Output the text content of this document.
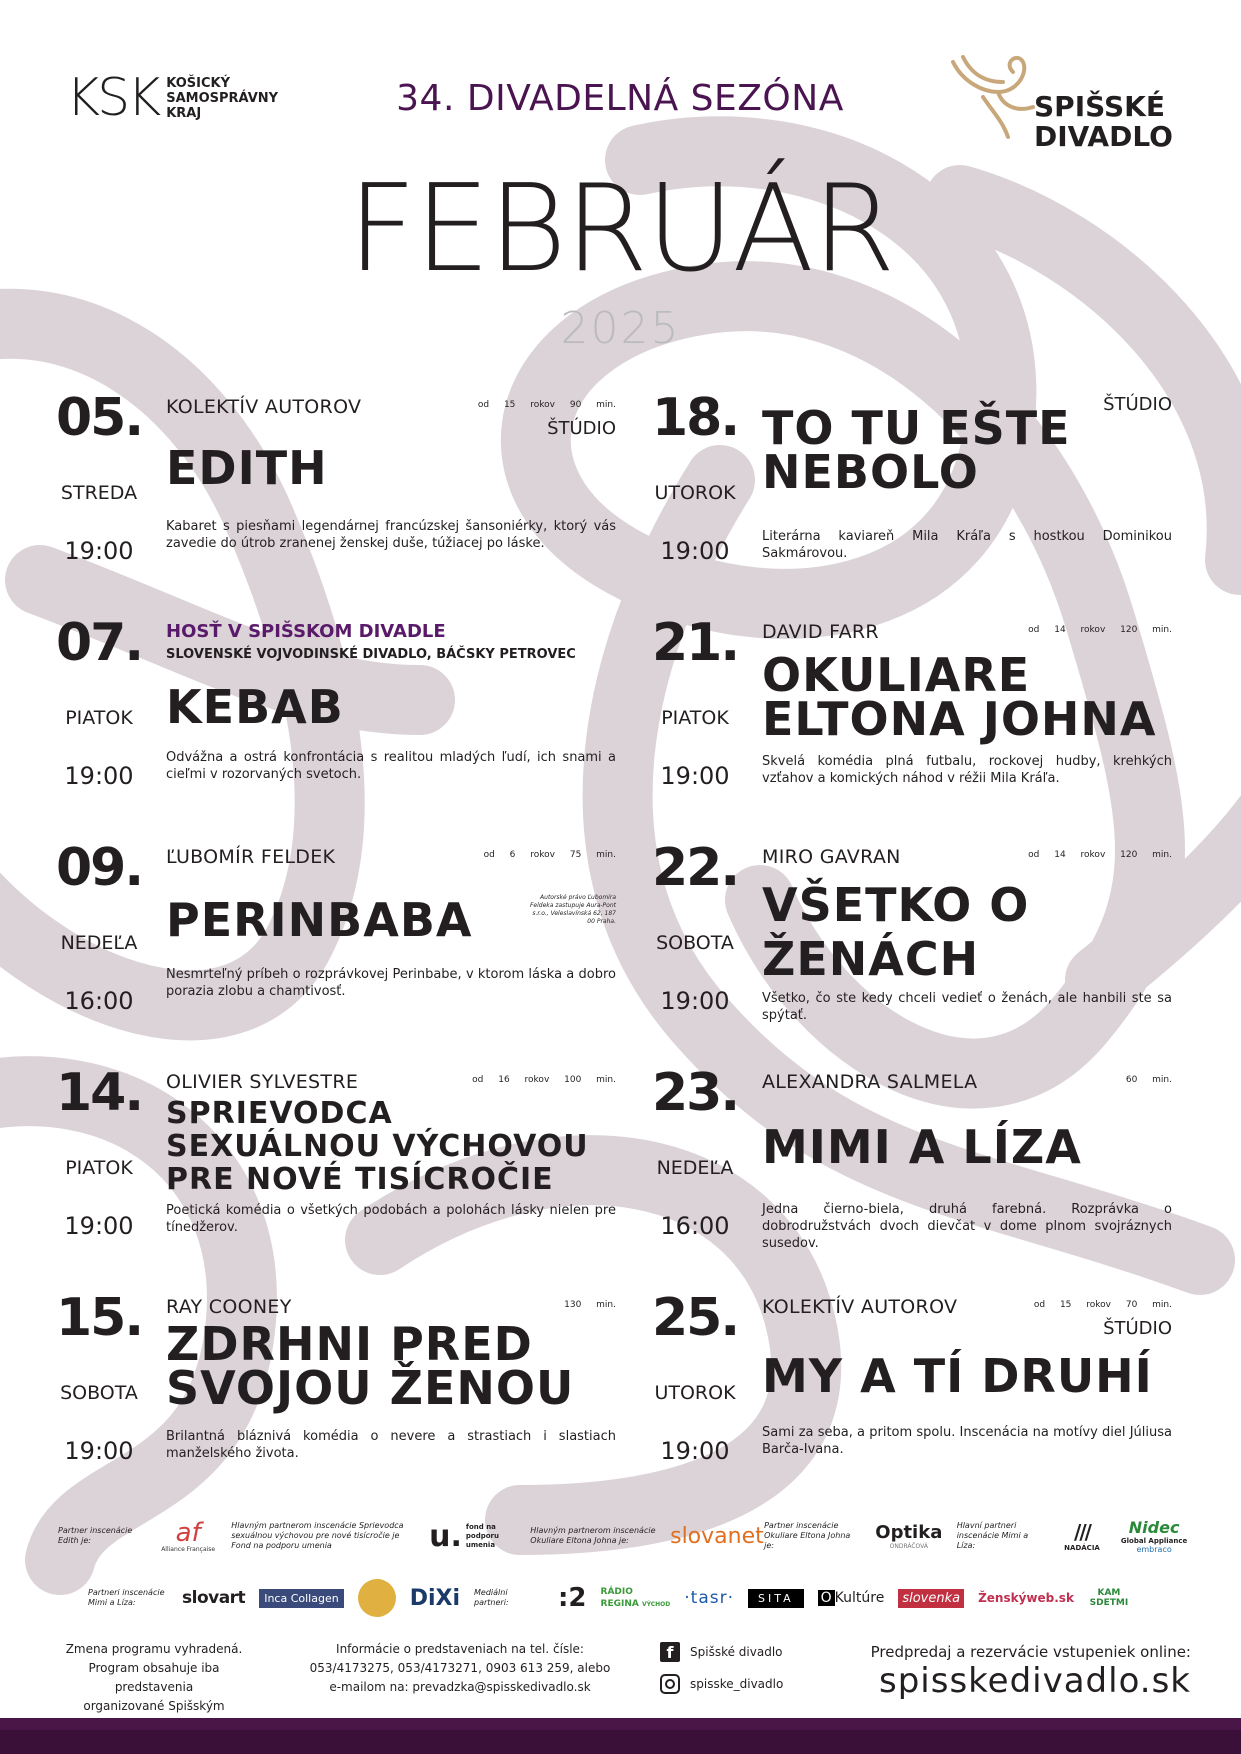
KSK KOŠICKÝ SAMOSPRÁVNY KRAJ	34. DIVADELNÁ SEZÓNA	SPIŠSKÉ
DIVADLO
FEBRUÁR
2025
05.
STREDA
19:00
KOLEKTÍV AUTOROV	od 15 rokov 90 min.
ŠTÚDIO
EDITH
Kabaret s piesňami legendárnej francúzskej šansoniérky, ktorý vás zavedie do útrob zranenej ženskej duše, túžiacej po láske.
07.
PIATOK
19:00
HOSŤ V SPIŠSKOM DIVADLE
SLOVENSKÉ VOJVODINSKÉ DIVADLO, BÁČSKY PETROVEC
KEBAB
Odvážna a ostrá konfrontácia s realitou mladých ľudí, ich snami a cieľmi v rozorvaných svetoch.
09.
NEDEĽA
16:00
ĽUBOMÍR FELDEK	od 6 rokov 75 min.
Autorské právo Ľubomíra Feldeka zastupuje Aura-Pont s.r.o., Veleslavínská 62, 187 00 Praha.
PERINBABA
Nesmrteľný príbeh o rozprávkovej Perinbabe, v ktorom láska a dobro porazia zlobu a chamtivosť.
14.
PIATOK
19:00
OLIVIER SYLVESTRE	od 16 rokov 100 min.
SPRIEVODCA SEXUÁLNOU VÝCHOVOU PRE NOVÉ TISÍCROČIE
Poetická komédia o všetkých podobách a polohách lásky nielen pre tínedžerov.
15.
SOBOTA
19:00
RAY COONEY	130 min.
ZDRHNI PRED SVOJOU ŽENOU
Brilantná bláznivá komédia o nevere a strastiach i slastiach manželského života.
18.
UTOROK
19:00
ŠTÚDIO
TO TU EŠTE NEBOLO
Literárna kaviareň Mila Kráľa s hostkou Dominikou Sakmárovou.
21.
PIATOK
19:00
DAVID FARR	od 14 rokov 120 min.
OKULIARE ELTONA JOHNA
Skvelá komédia plná futbalu, rockovej hudby, krehkých vzťahov a komických náhod v réžii Mila Kráľa.
22.
SOBOTA
19:00
MIRO GAVRAN	od 14 rokov 120 min.
VŠETKO O ŽENÁCH
Všetko, čo ste kedy chceli vedieť o ženách, ale hanbili ste sa spýtať.
23.
NEDEĽA
16:00
ALEXANDRA SALMELA	60 min.
MIMI A LÍZA
Jedna čierno-biela, druhá farebná. Rozprávka o dobrodružstvách dvoch dievčat v dome plnom svojráznych susedov.
25.
UTOROK
19:00
KOLEKTÍV AUTOROV	od 15 rokov 70 min.
ŠTÚDIO
MY A TÍ DRUHÍ
Sami za seba, a pritom spolu. Inscenácia na motívy diel Júliusa Barča-Ivana.
Partner inscenácie Edith je:	af
Alliance Française
Hlavným partnerom inscenácie Sprievodca sexuálnou výchovou pre nové tisícročie je Fond na podporu umenia	u. fond na podporu umenia
Hlavným partnerom inscenácie Okuliare Eltona Johna je:	slovanet Partner inscenácie Okuliare Eltona Johna je:
Optika
ONDRÁČOVÁ
Hlavní partneri inscenácie Mimi a Líza:
///
NADÁCIA
Nidec
Global Appliance
embraco
Partneri inscenácie Mimi a Líza:	slovart	Inca Collagen	DiXi Mediálni partneri:	:2 RÁDIO
REGINA VÝCHOD ·tasr·	SITA	O Kultúre	slovenka	Ženskýweb.sk	KAM SDETMI
Zmena programu vyhradená.
Program obsahuje iba predstavenia
organizované Spišským
Informácie o predstaveniach na tel. čísle:
053/4173275, 053/4173271, 0903 613 259, alebo
e-mailom na: prevadzka@spisskedivadlo.sk
f	Spišské divadlo
spisske_divadlo
Predpredaj a rezervácie vstupeniek online:
spisskedivadlo.sk
